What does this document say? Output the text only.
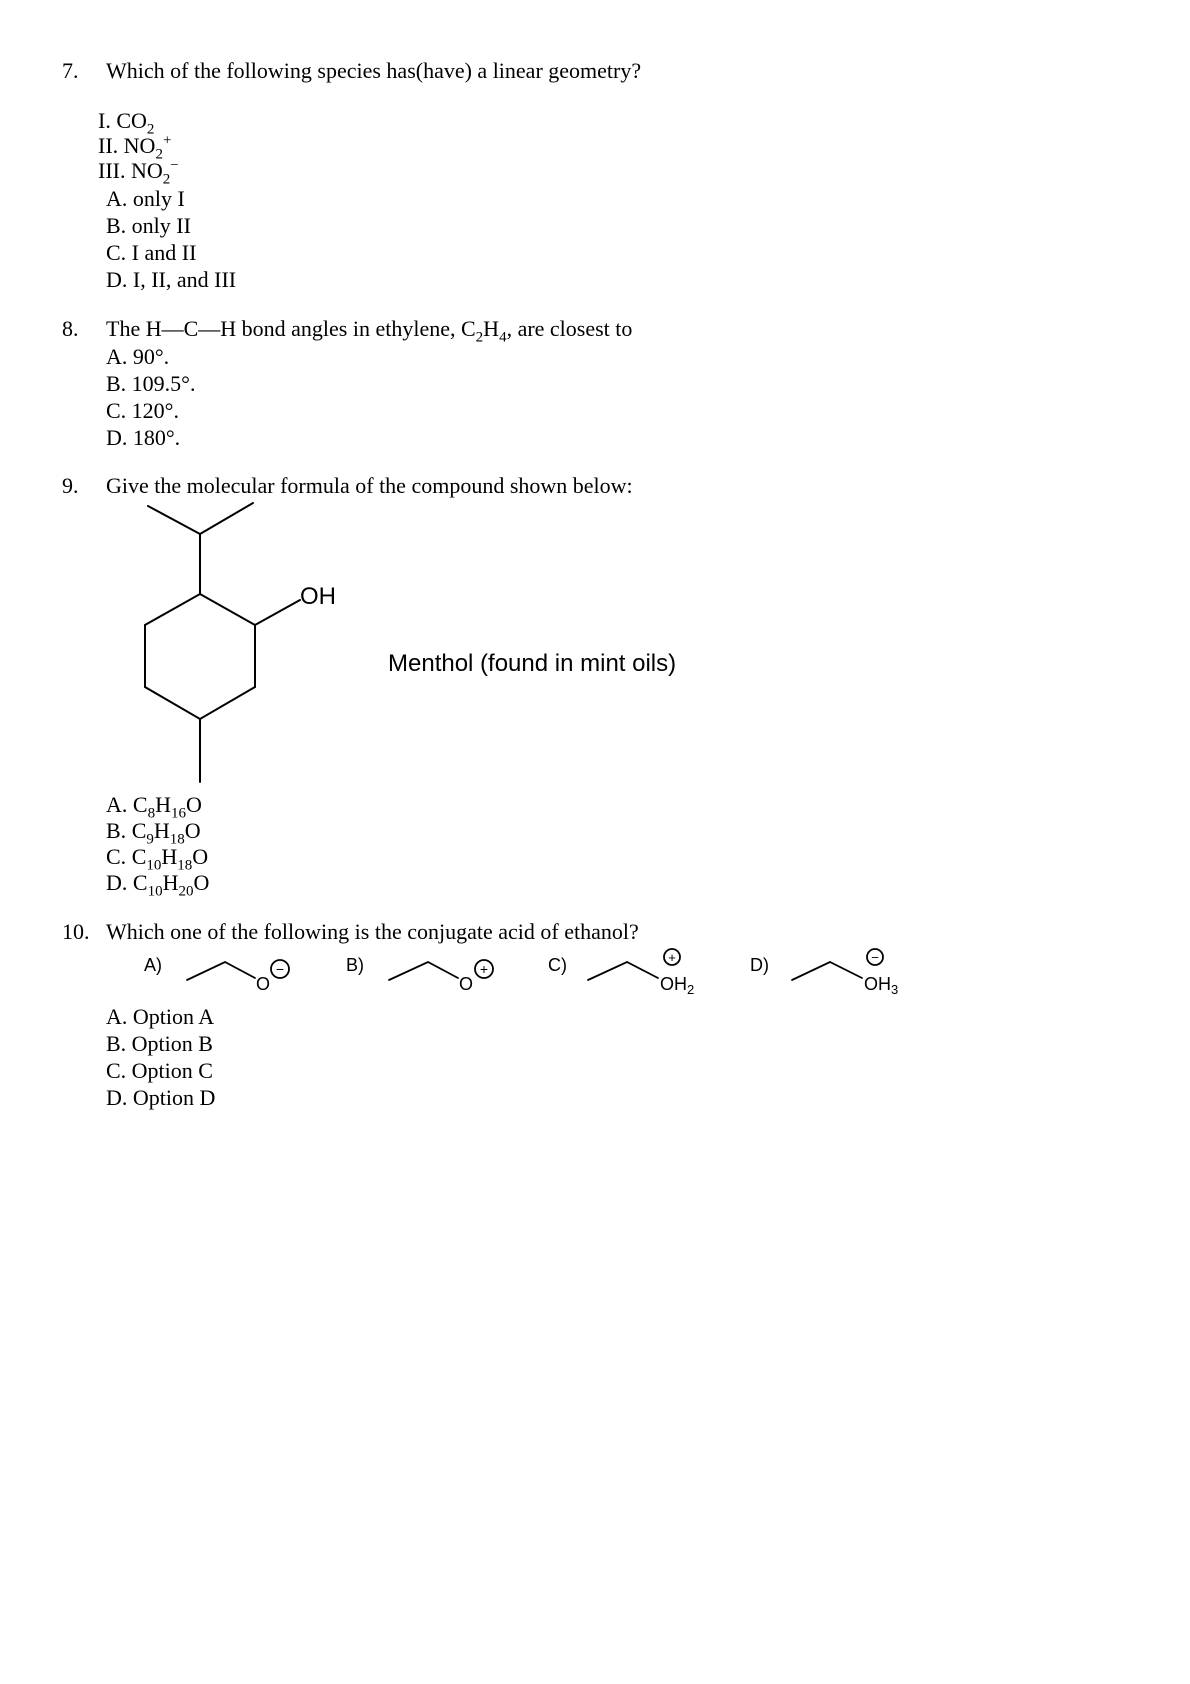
7. Which of the following species has(have) a linear geometry?
I. $CO_2$
II. $NO_2^+$
III. $NO_2^-$
A. only I
B. only II
C. I and II
D. I, II, and III
8. The H—C—H bond angles in ethylene, $C_2H_4$, are closest to
A. 90°.
B. 109.5°.
C. 120°.
D. 180°.
9. Give the molecular formula of the compound shown below:
OH
Menthol (found in mint oils)
A. $C_8H_{16}O$
B. $C_9H_{18}O$
C. $C_{10}H_{18}O$
D. $C_{10}H_{20}O$
10. Which one of the following is the conjugate acid of ethanol?
A)	B)	C)	D)
O	O	$OH_2$	$OH_3$
−	+
+	−
A. Option A
B. Option B
C. Option C
D. Option D
